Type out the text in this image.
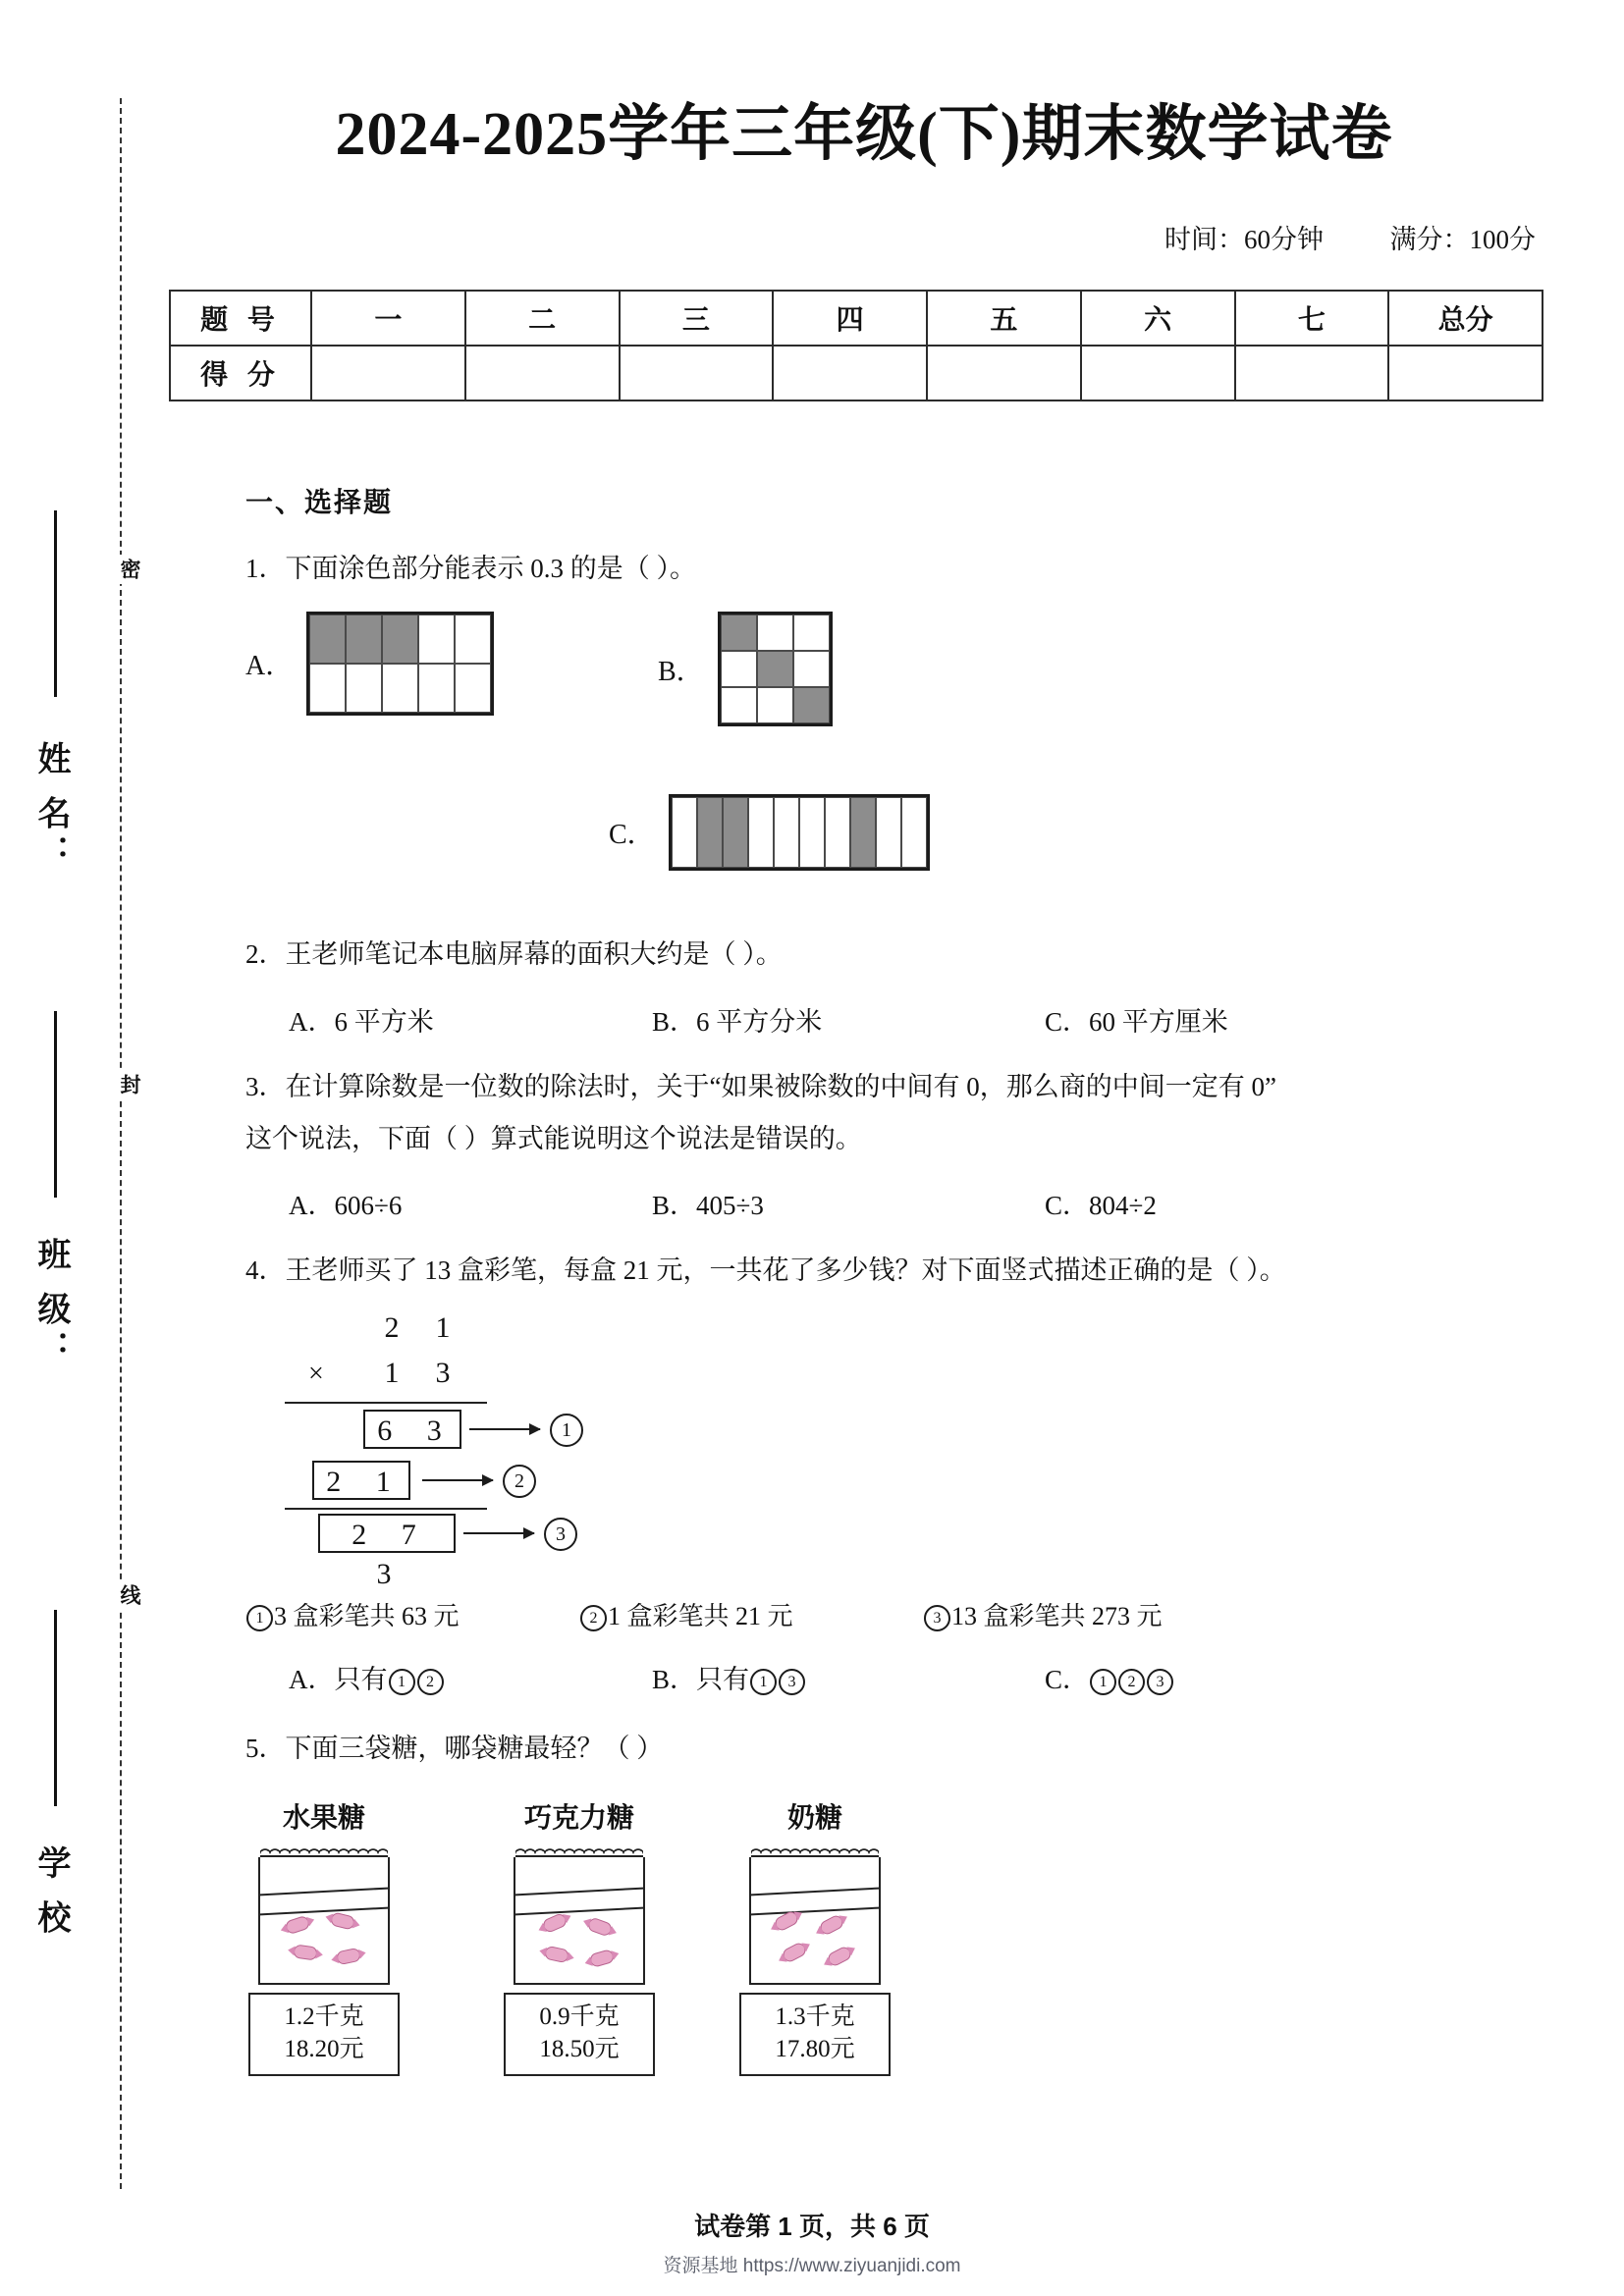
密
封
线
姓 名：
班 级：
学 校
2024-2025学年三年级(下)期末数学试卷
时间：60分钟	满分：100分
题 号	一	二	三	四	五	六	七	总分
得 分								
一、选择题
1．下面涂色部分能表示 0.3 的是（ ）。
A．	B．
C．
2．王老师笔记本电脑屏幕的面积大约是（ ）。
A．6 平方米	B．6 平方分米	C．60 平方厘米
3．在计算除数是一位数的除法时，关于“如果被除数的中间有 0，那么商的中间一定有 0”
这个说法，下面（ ）算式能说明这个说法是错误的。
A．606÷6	B．405÷3	C．804÷2
4．王老师买了 13 盒彩笔，每盒 21 元，一共花了多少钱？对下面竖式描述正确的是（ ）。
2	1
×	1	3
6 3	1
2 1	2
2 7 3
3
1 3 盒彩笔共 63 元	2 1 盒彩笔共 21 元	3 13 盒彩笔共 273 元
A．只有 1 2	B．只有 1 3	C． 1 2 3
5．下面三袋糖，哪袋糖最轻？（ ）
水果糖
1.2千克
18.20元
巧克力糖
0.9千克
18.50元
奶糖
1.3千克
17.80元
试卷第 1 页，共 6 页
资源基地 https://www.ziyuanjidi.com
